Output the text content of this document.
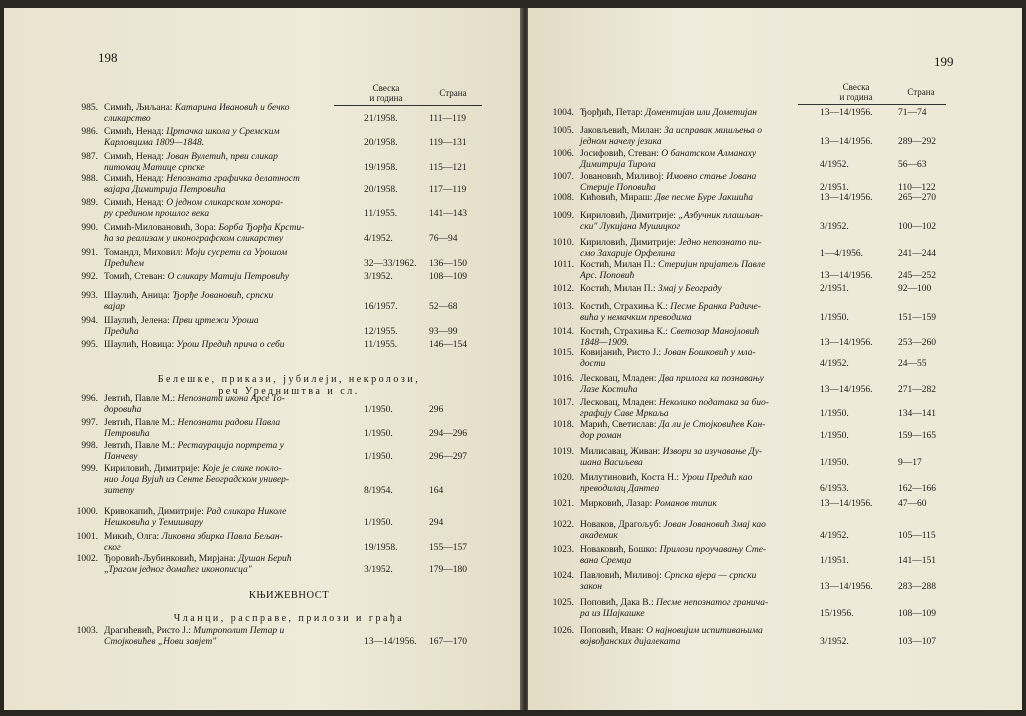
198
Свеска
и година	Страна
985. Симић, Љиљана: Катарина Ивановић и бечко
сликарство	21/1958.	111—119
986. Симић, Ненад: Цртачка школа у Сремским
Карловцима 1809—1848.	20/1958.	119—131
987. Симић, Ненад: Јован Вулетић, први сликар
питомац Матице српске	19/1958.	115—121
988. Симић, Ненад: Непозната графичка делатност
вајара Димитрија Петровића	20/1958.	117—119
989. Симић, Ненад: О једном сликарском хонора-
ру средином прошлог века	11/1955.	141—143
990. Симић-Милованoвић, Зора: Борба Ђорђа Крсти-
ћа за реализам у иконографском сликарству	4/1952.	76—94
991. Томандл, Миховил: Моји сусрети са Урошом
Предићем	32—33/1962. 136—150
992. Томић, Стеван: О сликару Матији Петровићу	3/1952.	108—109
993. Шаулић, Аница: Ђорђе Јовановић, српски
вајар	16/1957.	52—68
994. Шаулић, Јелена: Први цртежи Уроша
Предића	12/1955.	93—99
995. Шаулић, Новица: Урош Предић прича о себи	11/1955.	146—154
996. Јевтић, Павле М.: Непозната икона Арсе То-
доровића	1/1950.	296
997. Јевтић, Павле М.: Непознати радови Павла
Петровића	1/1950.	294—296
998. Јевтић, Павле М.: Рестаурација портрета у
Панчеву	1/1950.	296—297
999. Кириловић, Димитрије: Које је слике покло-
нио Јоца Вујић из Сенте Београдском универ-
зитету	8/1954.	164
1000. Кривокапић, Димитрије: Рад сликара Николе
Нешковића у Темишвару	1/1950.	294
1001. Микић, Олга: Ликовна збирка Павла Бељан-
ског	19/1958.	155—157
1002. Ђоровић-Љубинковић, Мирјана: Душан Берић
„Трагом једног домаћег иконописца"	3/1952.	179—180
1003. Драгићевић, Ристо Ј.: Митрополит Петар и
Стојковићев „Нови завјет"	13—14/1956. 167—170
Белешке, прикази, јубилеји, некролози,
реч Уредништва и сл.
КЊИЖЕВНОСТ
Чланци, расправе, прилози и грађа
199
Свеска
и година	Страна
1004. Ђорђић, Петар: Доментијан или Дометијан	13—14/1956.	71—74
1005. Јаковљевић, Милан: За исправак мишљења о
једном начелу језика	13—14/1956.	289—292
1006. Јосифовић, Стеван: О банатском Алманаху
Димитрија Тирола	4/1952.	56—63
1007. Јовановић, Миливој: Имовно стање Јована
Стерије Поповића	2/1951.	110—122
1008. Кићовић, Мираш: Две песме Буре Јакшића	13—14/1956.	265—270
1009. Кириловић, Димитрије: „Азбучник плашљан-
ски" Лукијана Мушицког	3/1952.	100—102
1010. Кириловић, Димитрије: Једно непознато пи-
смо Захарије Орфелина	1—4/1956.	241—244
1011. Костић, Милан П.: Стеријин пријатељ Павле
Арс. Поповић	13—14/1956.	245—252
1012. Костић, Милан П.: Змај у Београду	2/1951.	92—100
1013. Костић, Страхиња К.: Песме Бранка Радиче-
вића у немачким преводима	1/1950.	151—159
1014. Костић, Страхиња К.: Светозар Манојловић
1848—1909.	13—14/1956.	253—260
1015. Ковијанић, Ристо Ј.: Јован Бошковић у мла-
дости	4/1952.	24—55
1016. Лесковац, Младен: Два прилога ка познавању
Лазе Костића	13—14/1956.	271—282
1017. Лесковац, Младен: Неколико података за био-
графију Саве Мркаља	1/1950.	134—141
1018. Марић, Светислав: Да ли је Стојковићев Кан-
дор роман	1/1950.	159—165
1019. Милисавац, Живан: Извори за изучавање Ду-
шана Васиљева	1/1950.	9—17
1020. Милутиновић, Коста Н.: Урош Предић као
преводилац Дантеа	6/1953.	162—166
1021. Мирковић, Лазар: Романов типик	13—14/1956.	47—60
1022. Новаков, Драгољуб: Јован Јовановић Змај као
академик	4/1952.	105—115
1023. Новаковић, Бошко: Прилози проучавању Сте-
вана Сремца	1/1951.	141—151
1024. Павловић, Миливој: Српска вјера — српски
закон	13—14/1956.	283—288
1025. Поповић, Дака В.: Песме непознатог гранича-
ра из Шајкашке	15/1956.	108—109
1026. Поповић, Иван: О најновијим испитивањима
војвођанских дијалеката	3/1952.	103—107
